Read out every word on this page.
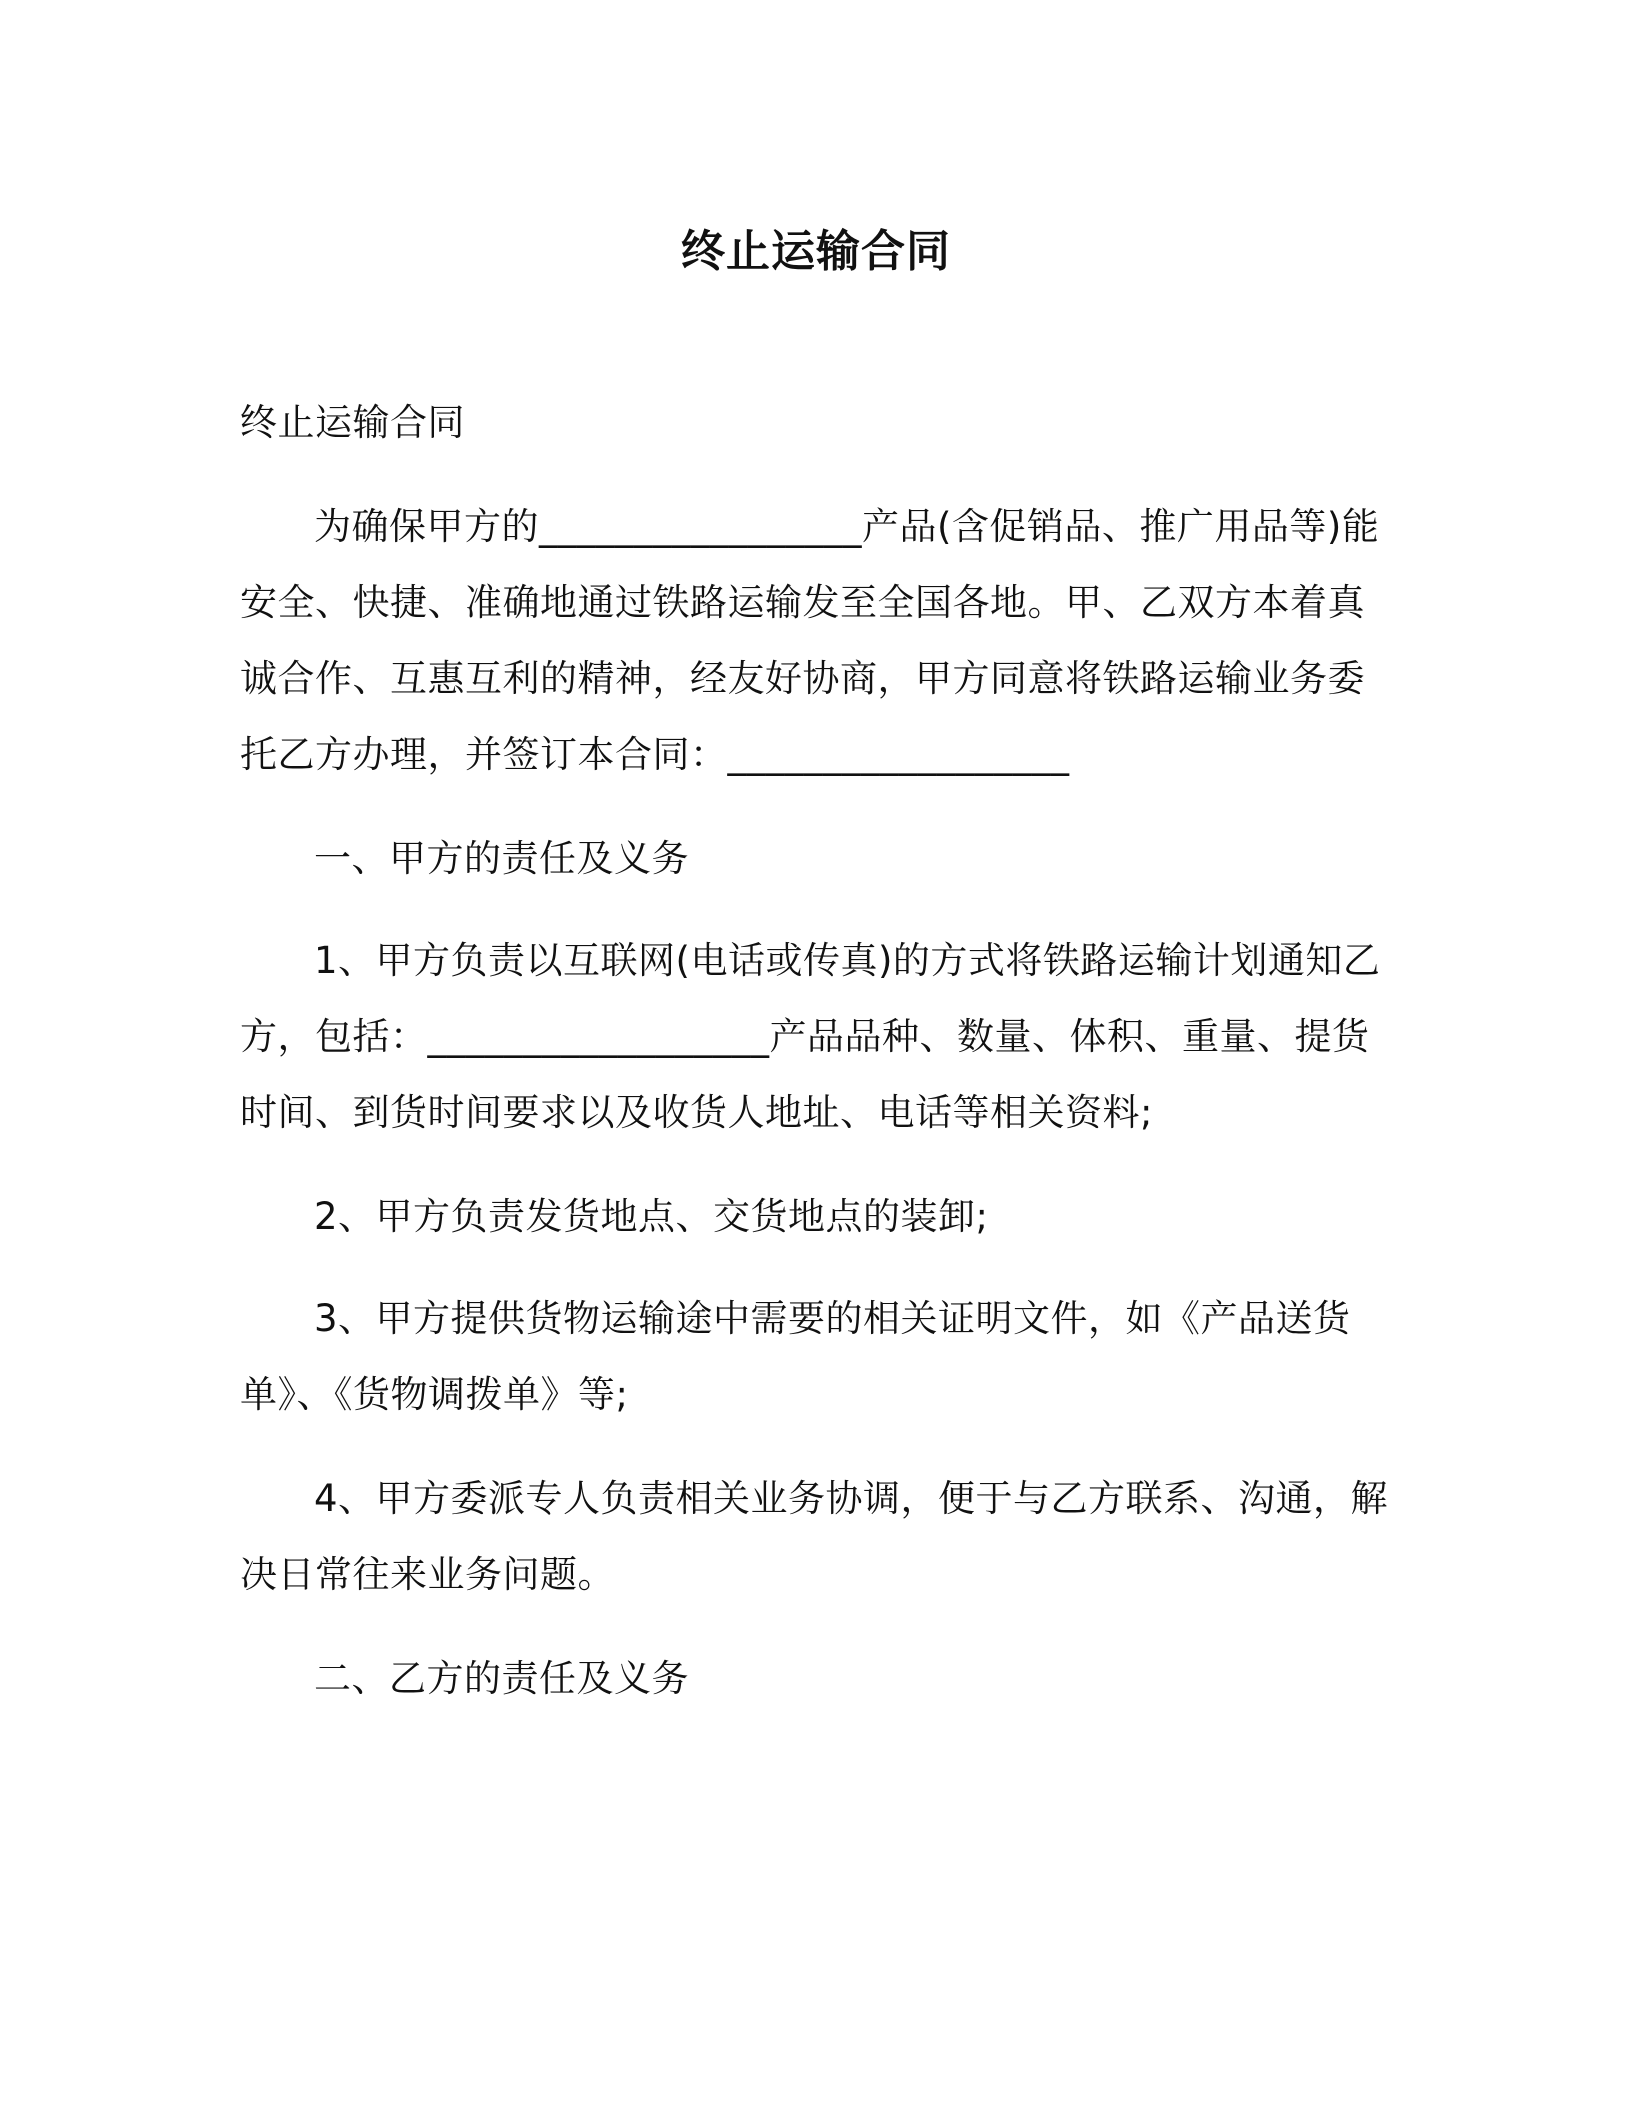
终止运输合同
终止运输合同
为确保甲方的_________________产品(含促销品、推广用品等)能
安全、快捷、准确地通过铁路运输发至全国各地。甲、乙双方本着真
诚合作、互惠互利的精神，经友好协商，甲方同意将铁路运输业务委
托乙方办理，并签订本合同：__________________
一、甲方的责任及义务
1、甲方负责以互联网(电话或传真)的方式将铁路运输计划通知乙
方，包括：__________________产品品种、数量、体积、重量、提货
时间、到货时间要求以及收货人地址、电话等相关资料;
2、甲方负责发货地点、交货地点的装卸;
3、甲方提供货物运输途中需要的相关证明文件，如《产品送货
单》、《货物调拨单》等;
4、甲方委派专人负责相关业务协调，便于与乙方联系、沟通，解
决日常往来业务问题。
二、乙方的责任及义务
